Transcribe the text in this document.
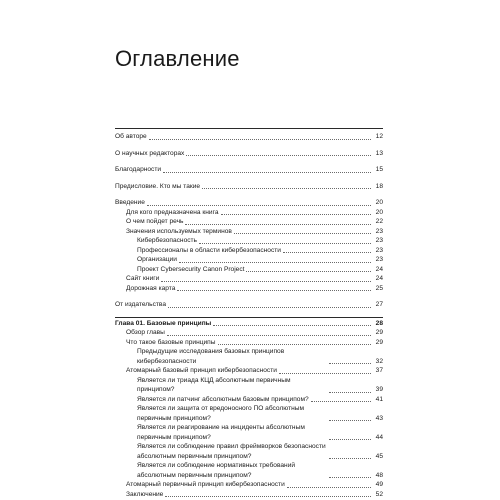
Оглавление
Об авторе	12
О научных редакторах	13
Благодарности	15
Предисловие. Кто мы такие	18
Введение	20
Для кого предназначена книга	20
О чем пойдет речь	22
Значения используемых терминов	23
Кибербезопасность	23
Профессионалы в области кибербезопасности	23
Организации	23
Проект Cybersecurity Canon Project	24
Сайт книги	24
Дорожная карта	25
От издательства	27
Глава 01. Базовые принципы	28
Обзор главы	29
Что такое базовые принципы	29
Предыдущие исследования базовых принципов кибербезопасности	32
Атомарный базовый принцип кибербезопасности	37
Является ли триада КЦД абсолютным первичным принципом?	39
Является ли патчинг абсолютным базовым принципом?	41
Является ли защита от вредоносного ПО абсолютным первичным принципом?	43
Является ли реагирование на инциденты абсолютным первичным принципом?	44
Является ли соблюдение правил фреймворков безопасности абсолютным первичным принципом?	45
Является ли соблюдение нормативных требований абсолютным первичным принципом?	48
Атомарный первичный принцип кибербезопасности	49
Заключение	52
